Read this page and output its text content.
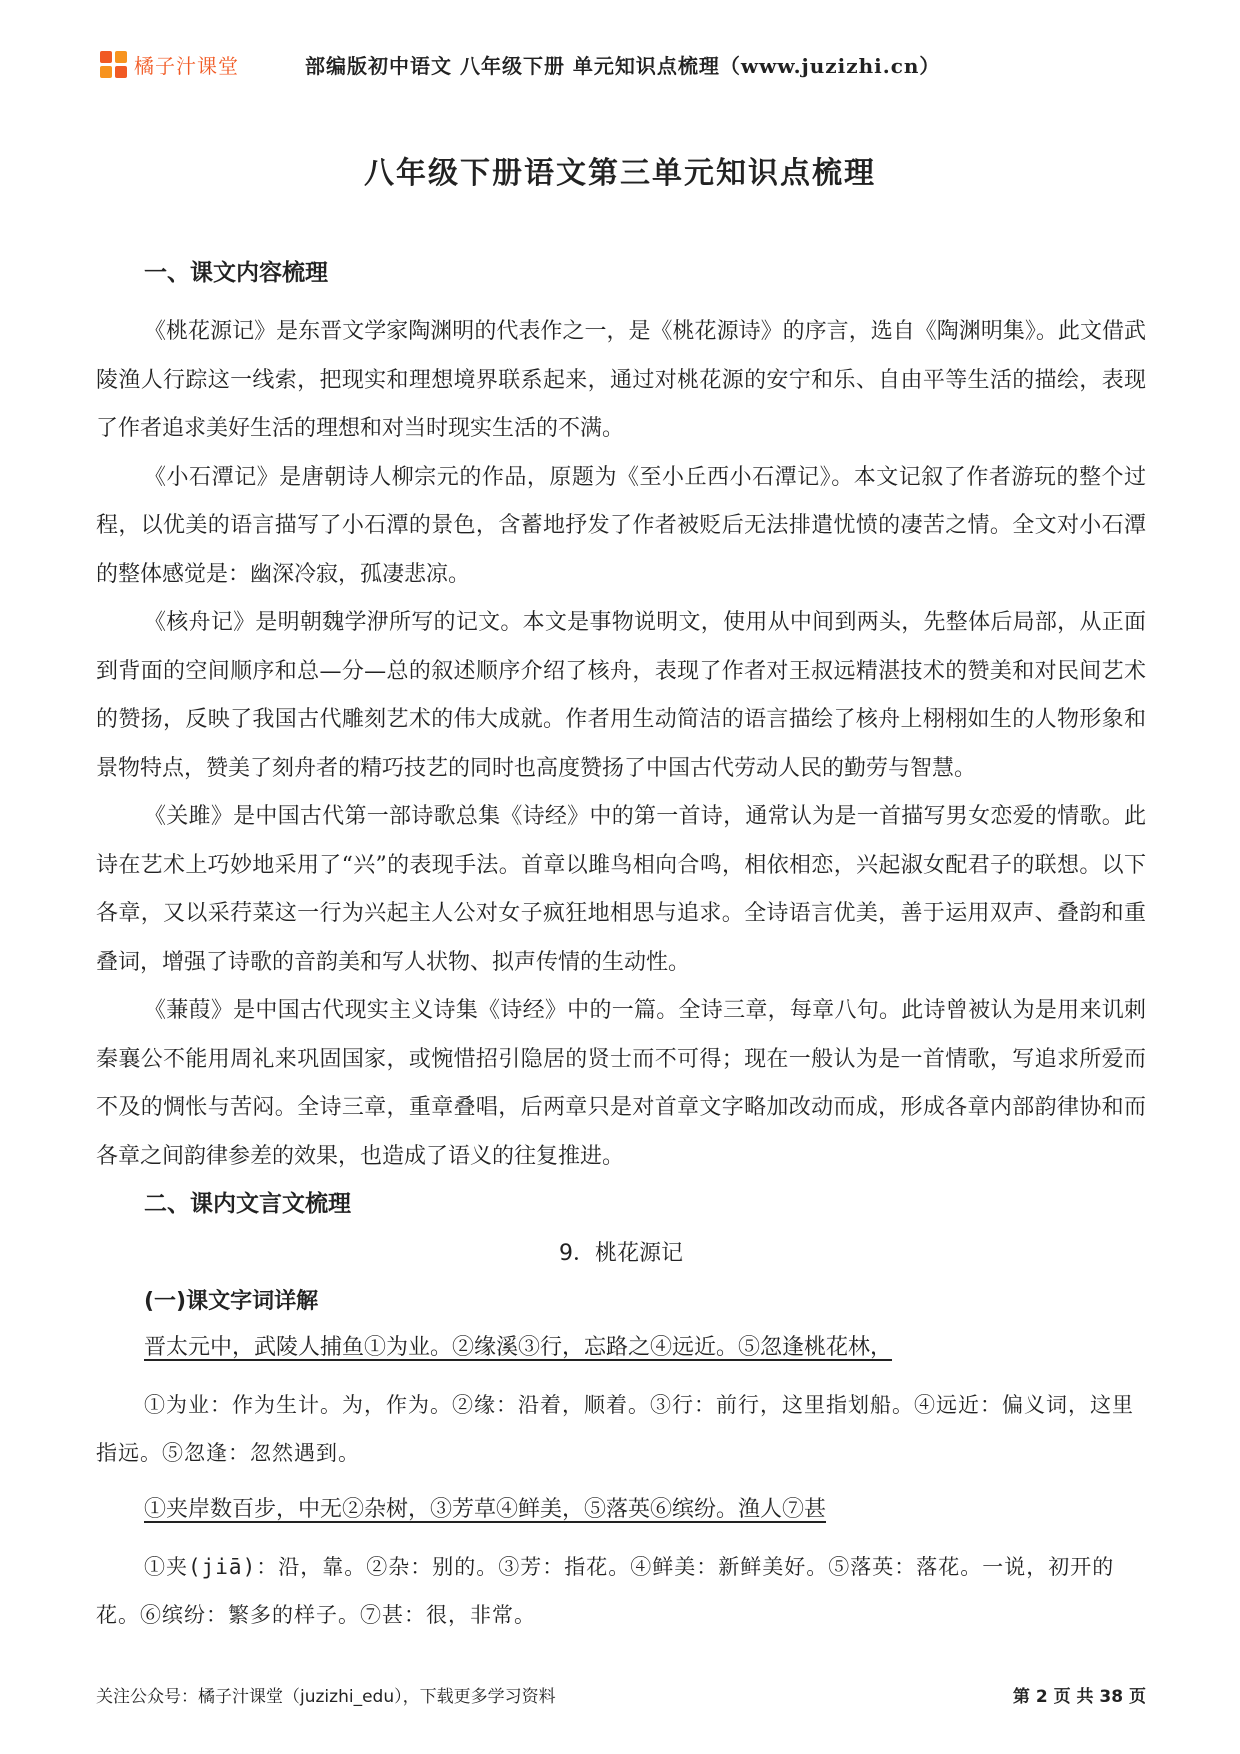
橘子汁课堂	部编版初中语文 八年级下册 单元知识点梳理（www.juzizhi.cn）
八年级下册语文第三单元知识点梳理
一、课文内容梳理

《桃花源记》是东晋文学家陶渊明的代表作之一，是《桃花源诗》的序言，选自《陶渊明集》。此文借武陵渔人行踪这一线索，把现实和理想境界联系起来，通过对桃花源的安宁和乐、自由平等生活的描绘，表现了作者追求美好生活的理想和对当时现实生活的不满。

《小石潭记》是唐朝诗人柳宗元的作品，原题为《至小丘西小石潭记》。本文记叙了作者游玩的整个过程，以优美的语言描写了小石潭的景色，含蓄地抒发了作者被贬后无法排遣忧愤的凄苦之情。全文对小石潭的整体感觉是：幽深冷寂，孤凄悲凉。

《核舟记》是明朝魏学洢所写的记文。本文是事物说明文，使用从中间到两头，先整体后局部，从正面到背面的空间顺序和总—分—总的叙述顺序介绍了核舟，表现了作者对王叔远精湛技术的赞美和对民间艺术的赞扬，反映了我国古代雕刻艺术的伟大成就。作者用生动简洁的语言描绘了核舟上栩栩如生的人物形象和景物特点，赞美了刻舟者的精巧技艺的同时也高度赞扬了中国古代劳动人民的勤劳与智慧。

《关雎》是中国古代第一部诗歌总集《诗经》中的第一首诗，通常认为是一首描写男女恋爱的情歌。此诗在艺术上巧妙地采用了“兴”的表现手法。首章以雎鸟相向合鸣，相依相恋，兴起淑女配君子的联想。以下各章，又以采荇菜这一行为兴起主人公对女子疯狂地相思与追求。全诗语言优美，善于运用双声、叠韵和重叠词，增强了诗歌的音韵美和写人状物、拟声传情的生动性。

《蒹葭》是中国古代现实主义诗集《诗经》中的一篇。全诗三章，每章八句。此诗曾被认为是用来讥刺秦襄公不能用周礼来巩固国家，或惋惜招引隐居的贤士而不可得；现在一般认为是一首情歌，写追求所爱而不及的惆怅与苦闷。全诗三章，重章叠唱，后两章只是对首章文字略加改动而成，形成各章内部韵律协和而各章之间韵律参差的效果，也造成了语义的往复推进。

二、课内文言文梳理
9．桃花源记
(一)课文字词详解
晋太元中，武陵人捕鱼①为业。②缘溪③行，忘路之④远近。⑤忽逢桃花林，

①为业：作为生计。为，作为。②缘：沿着，顺着。③行：前行，这里指划船。④远近：偏义词，这里指远。⑤忽逢：忽然遇到。

①夹岸数百步，中无②杂树，③芳草④鲜美，⑤落英⑥缤纷。渔人⑦甚

①夹(jiā)：沿，靠。②杂：别的。③芳：指花。④鲜美：新鲜美好。⑤落英：落花。一说，初开的花。⑥缤纷：繁多的样子。⑦甚：很，非常。

关注公众号：橘子汁课堂（juzizhi_edu），下载更多学习资料	第 2 页 共 38 页
